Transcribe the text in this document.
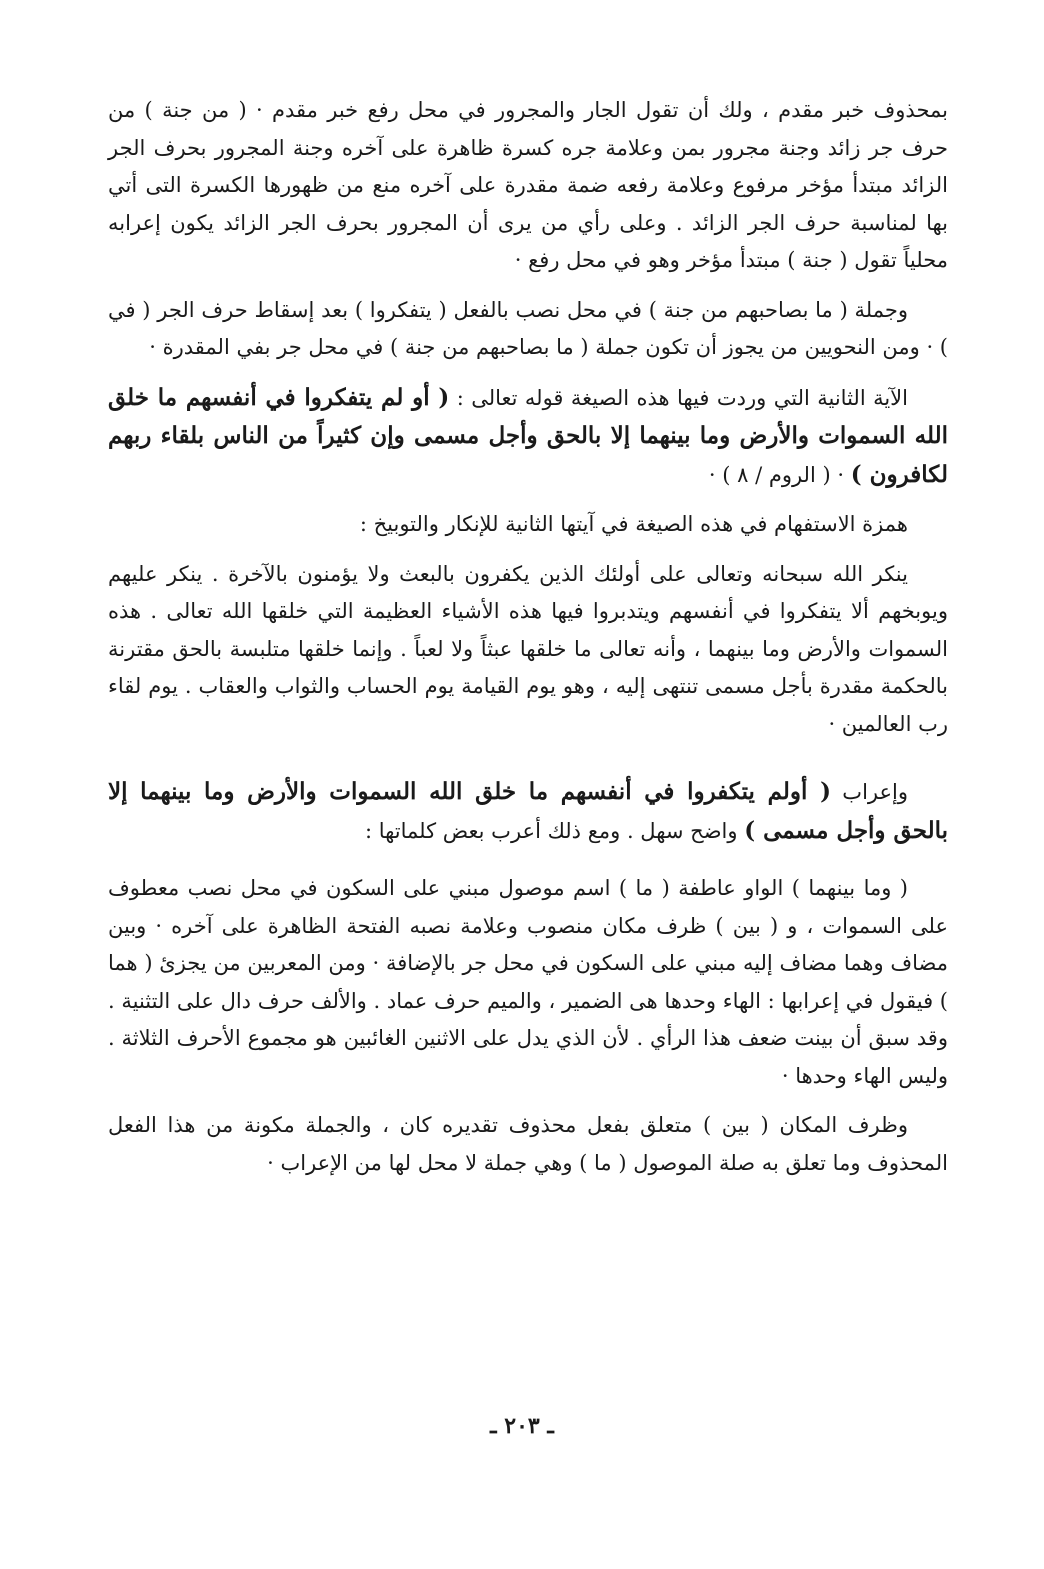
بمحذوف خبر مقدم ، ولك أن تقول الجار والمجرور في محل رفع خبر مقدم · ( من جنة ) من حرف جر زائد وجنة مجرور بمن وعلامة جره كسرة ظاهرة على آخره وجنة المجرور بحرف الجر الزائد مبتدأ مؤخر مرفوع وعلامة رفعه ضمة مقدرة على آخره منع من ظهورها الكسرة التى أتي بها لمناسبة حرف الجر الزائد . وعلى رأي من يرى أن المجرور بحرف الجر الزائد يكون إعرابه محلياً تقول ( جنة ) مبتدأ مؤخر وهو في محل رفع ·

وجملة ( ما بصاحبهم من جنة ) في محل نصب بالفعل ( يتفكروا ) بعد إسقاط حرف الجر ( في ) · ومن النحويين من يجوز أن تكون جملة ( ما بصاحبهم من جنة ) في محل جر بفي المقدرة ·

الآية الثانية التي وردت فيها هذه الصيغة قوله تعالى : ( أو لم يتفكروا في أنفسهم ما خلق الله السموات والأرض وما بينهما إلا بالحق وأجل مسمى وإن كثيراً من الناس بلقاء ربهم لكافرون ) · ( الروم / ٨ ) ·

همزة الاستفهام في هذه الصيغة في آيتها الثانية للإنكار والتوبيخ :

ينكر الله سبحانه وتعالى على أولئك الذين يكفرون بالبعث ولا يؤمنون بالآخرة . ينكر عليهم ويوبخهم ألا يتفكروا في أنفسهم ويتدبروا فيها هذه الأشياء العظيمة التي خلقها الله تعالى . هذه السموات والأرض وما بينهما ، وأنه تعالى ما خلقها عبثاً ولا لعباً . وإنما خلقها متلبسة بالحق مقترنة بالحكمة مقدرة بأجل مسمى تنتهى إليه ، وهو يوم القيامة يوم الحساب والثواب والعقاب . يوم لقاء رب العالمين ·

وإعراب ( أولم يتكفروا في أنفسهم ما خلق الله السموات والأرض وما بينهما إلا بالحق وأجل مسمى ) واضح سهل . ومع ذلك أعرب بعض كلماتها :

( وما بينهما ) الواو عاطفة ( ما ) اسم موصول مبني على السكون في محل نصب معطوف على السموات ، و ( بين ) ظرف مكان منصوب وعلامة نصبه الفتحة الظاهرة على آخره · وبين مضاف وهما مضاف إليه مبني على السكون في محل جر بالإضافة · ومن المعربين من يجزئ ( هما ) فيقول في إعرابها : الهاء وحدها هى الضمير ، والميم حرف عماد . والألف حرف دال على التثنية . وقد سبق أن بينت ضعف هذا الرأي . لأن الذي يدل على الاثنين الغائبين هو مجموع الأحرف الثلاثة . وليس الهاء وحدها ·

وظرف المكان ( بين ) متعلق بفعل محذوف تقديره كان ، والجملة مكونة من هذا الفعل المحذوف وما تعلق به صلة الموصول ( ما ) وهي جملة لا محل لها من الإعراب ·

ـ ٢٠٣ ـ
